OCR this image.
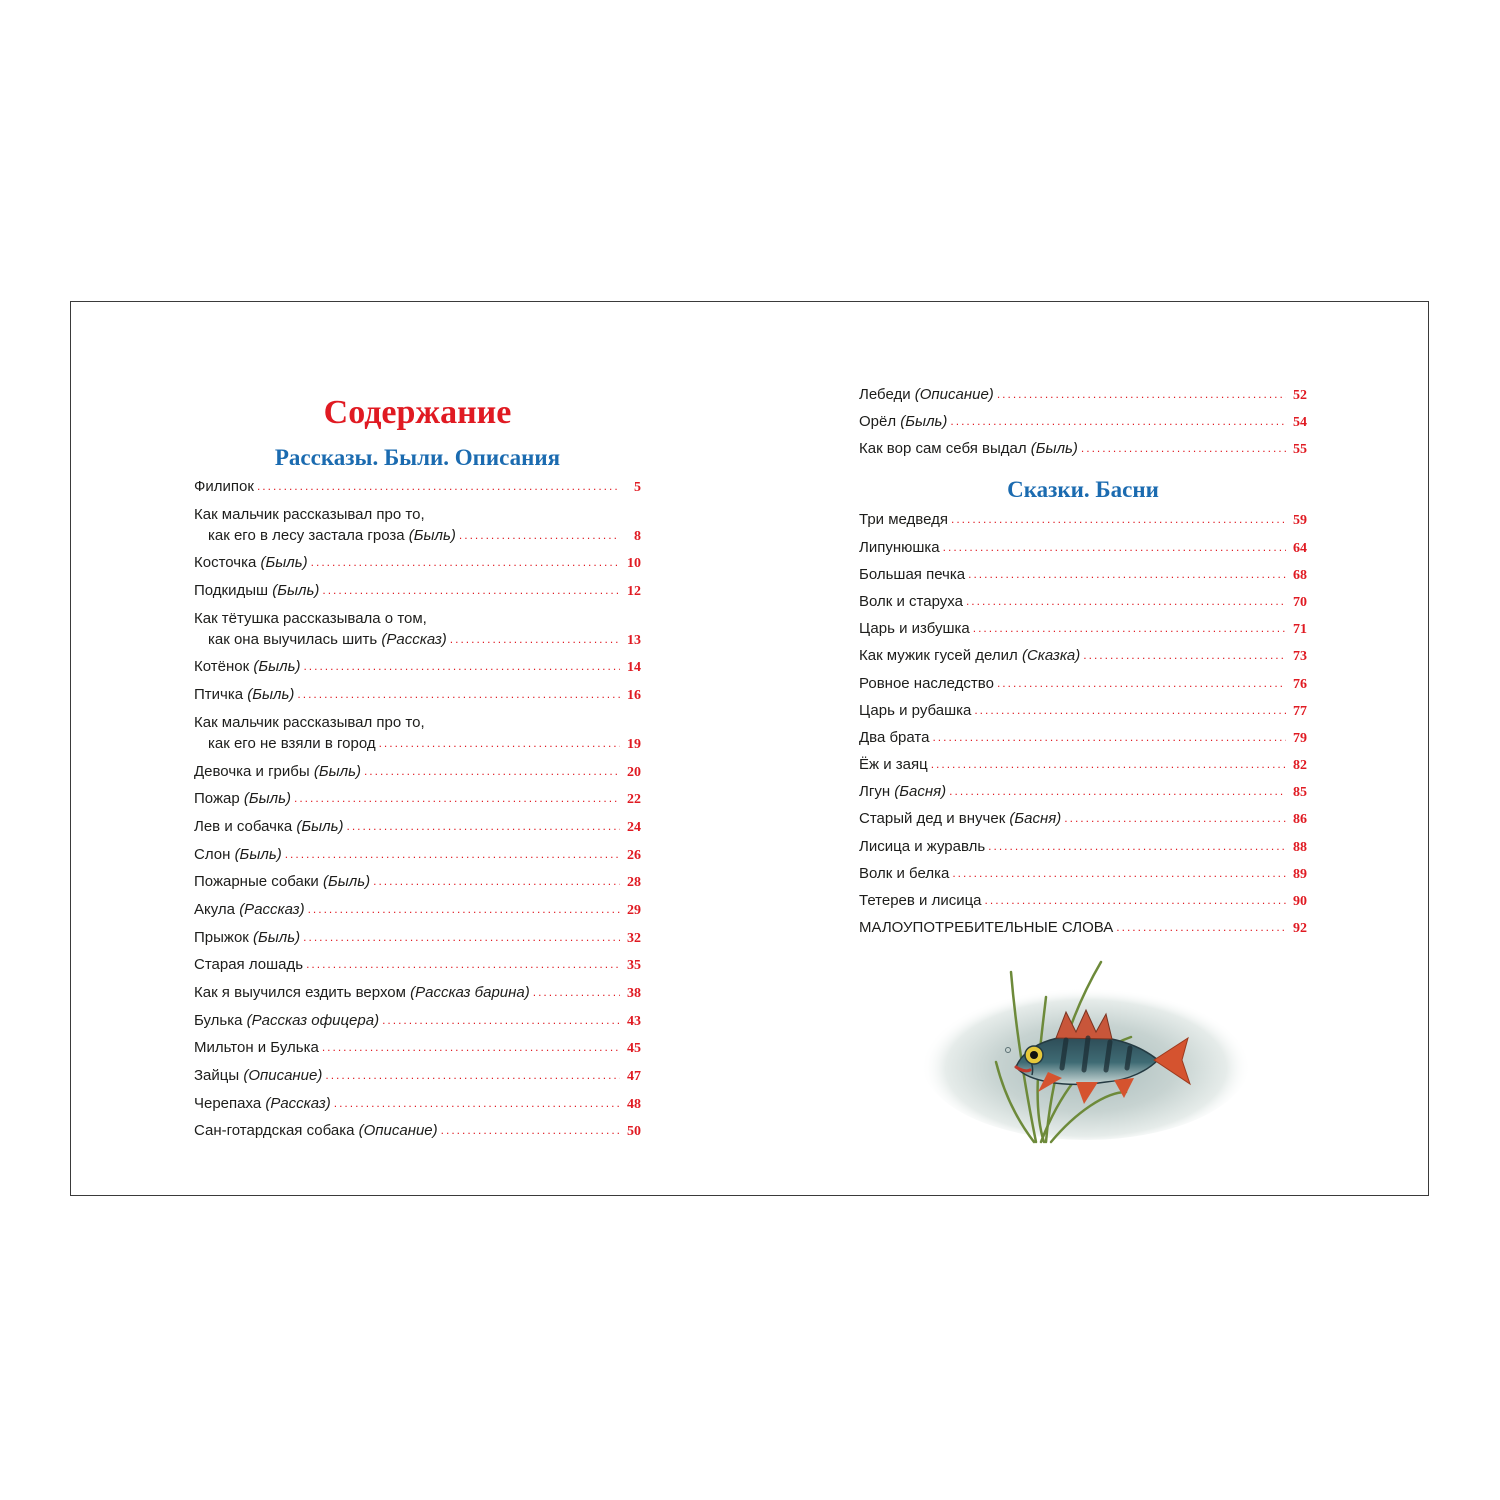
Содержание
Рассказы. Были. Описания
Филипок .....	5
Как мальчик рассказывал про то,
как его в лесу застала гроза (Быль) .....	8
Косточка (Быль) .....	10
Подкидыш (Быль) .....	12
Как тётушка рассказывала о том,
как она выучилась шить (Рассказ) .....	13
Котёнок (Быль) .....	14
Птичка (Быль) .....	16
Как мальчик рассказывал про то,
как его не взяли в город .....	19
Девочка и грибы (Быль) .....	20
Пожар (Быль) .....	22
Лев и собачка (Быль) .....	24
Слон (Быль) .....	26
Пожарные собаки (Быль) .....	28
Акула (Рассказ) .....	29
Прыжок (Быль) .....	32
Старая лошадь .....	35
Как я выучился ездить верхом (Рассказ барина) .....	38
Булька (Рассказ офицера) .....	43
Мильтон и Булька .....	45
Зайцы (Описание) .....	47
Черепаха (Рассказ) .....	48
Сан-готардская собака (Описание) .....	50
Лебеди (Описание) .....	52
Орёл (Быль) .....	54
Как вор сам себя выдал (Быль) .....	55
Сказки. Басни
Три медведя .....	59
Липунюшка .....	64
Большая печка .....	68
Волк и старуха .....	70
Царь и избушка .....	71
Как мужик гусей делил (Сказка) .....	73
Ровное наследство .....	76
Царь и рубашка .....	77
Два брата .....	79
Ёж и заяц .....	82
Лгун (Басня) .....	85
Старый дед и внучек (Басня) .....	86
Лисица и журавль .....	88
Волк и белка .....	89
Тетерев и лисица .....	90
МАЛОУПОТРЕБИТЕЛЬНЫЕ СЛОВА .....	92
